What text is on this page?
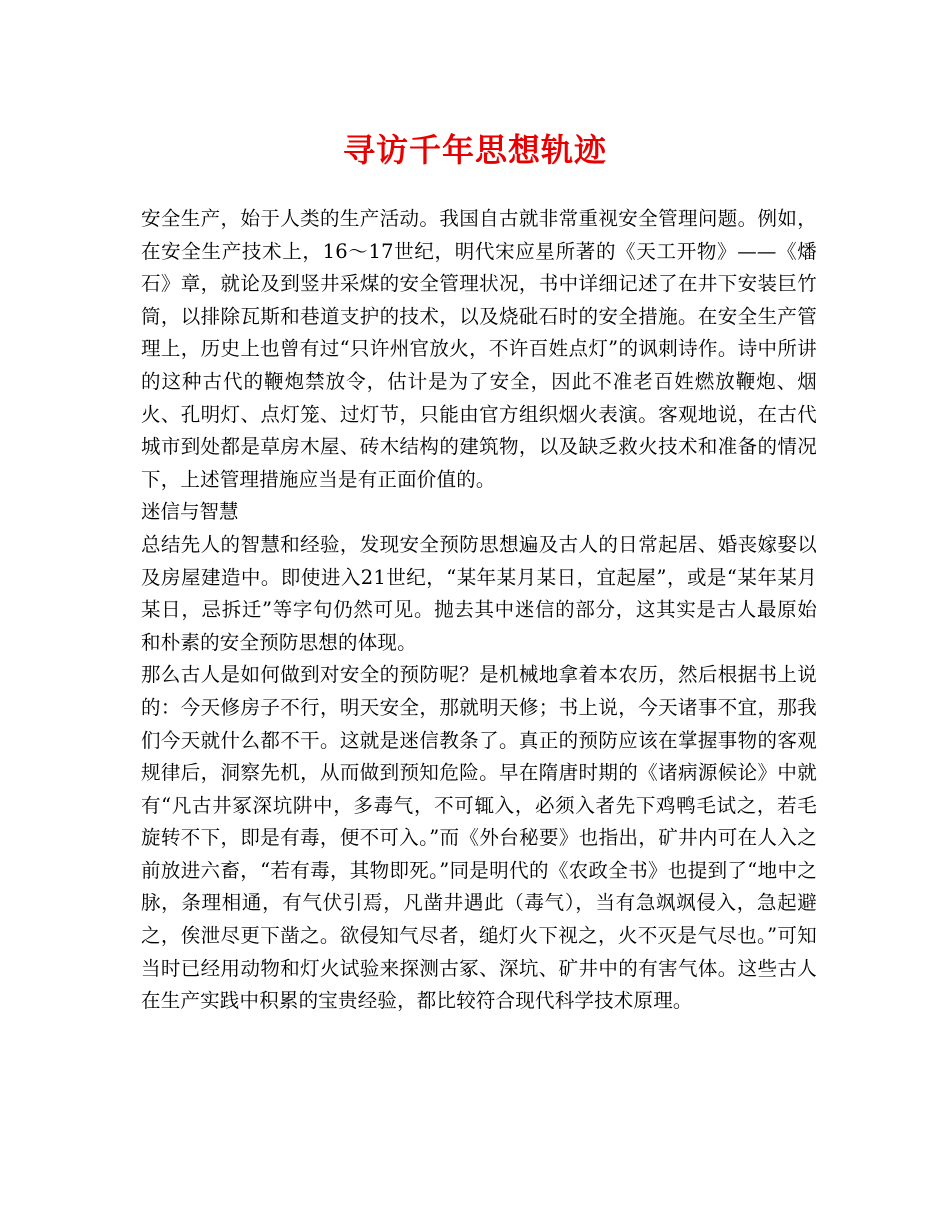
寻访千年思想轨迹

安全生产，始于人类的生产活动。我国自古就非常重视安全管理问题。例如，在安全生产技术上，16～17世纪，明代宋应星所著的《天工开物》——《燔石》章，就论及到竖井采煤的安全管理状况，书中详细记述了在井下安装巨竹筒，以排除瓦斯和巷道支护的技术，以及烧砒石时的安全措施。在安全生产管理上，历史上也曾有过“只许州官放火，不许百姓点灯”的讽刺诗作。诗中所讲的这种古代的鞭炮禁放令，估计是为了安全，因此不准老百姓燃放鞭炮、烟火、孔明灯、点灯笼、过灯节，只能由官方组织烟火表演。客观地说，在古代城市到处都是草房木屋、砖木结构的建筑物，以及缺乏救火技术和准备的情况下，上述管理措施应当是有正面价值的。

迷信与智慧

总结先人的智慧和经验，发现安全预防思想遍及古人的日常起居、婚丧嫁娶以及房屋建造中。即使进入21世纪，“某年某月某日，宜起屋”，或是“某年某月某日，忌拆迁”等字句仍然可见。抛去其中迷信的部分，这其实是古人最原始和朴素的安全预防思想的体现。

那么古人是如何做到对安全的预防呢？是机械地拿着本农历，然后根据书上说的：今天修房子不行，明天安全，那就明天修；书上说，今天诸事不宜，那我们今天就什么都不干。这就是迷信教条了。真正的预防应该在掌握事物的客观规律后，洞察先机，从而做到预知危险。早在隋唐时期的《诸病源候论》中就有“凡古井冢深坑阱中，多毒气，不可辄入，必须入者先下鸡鸭毛试之，若毛旋转不下，即是有毒，便不可入。”而《外台秘要》也指出，矿井内可在人入之前放进六畜，“若有毒，其物即死。”同是明代的《农政全书》也提到了“地中之脉，条理相通，有气伏引焉，凡凿井遇此（毒气），当有急飒飒侵入，急起避之，俟泄尽更下凿之。欲侵知气尽者，缒灯火下视之，火不灭是气尽也。”可知当时已经用动物和灯火试验来探测古冢、深坑、矿井中的有害气体。这些古人在生产实践中积累的宝贵经验，都比较符合现代科学技术原理。
